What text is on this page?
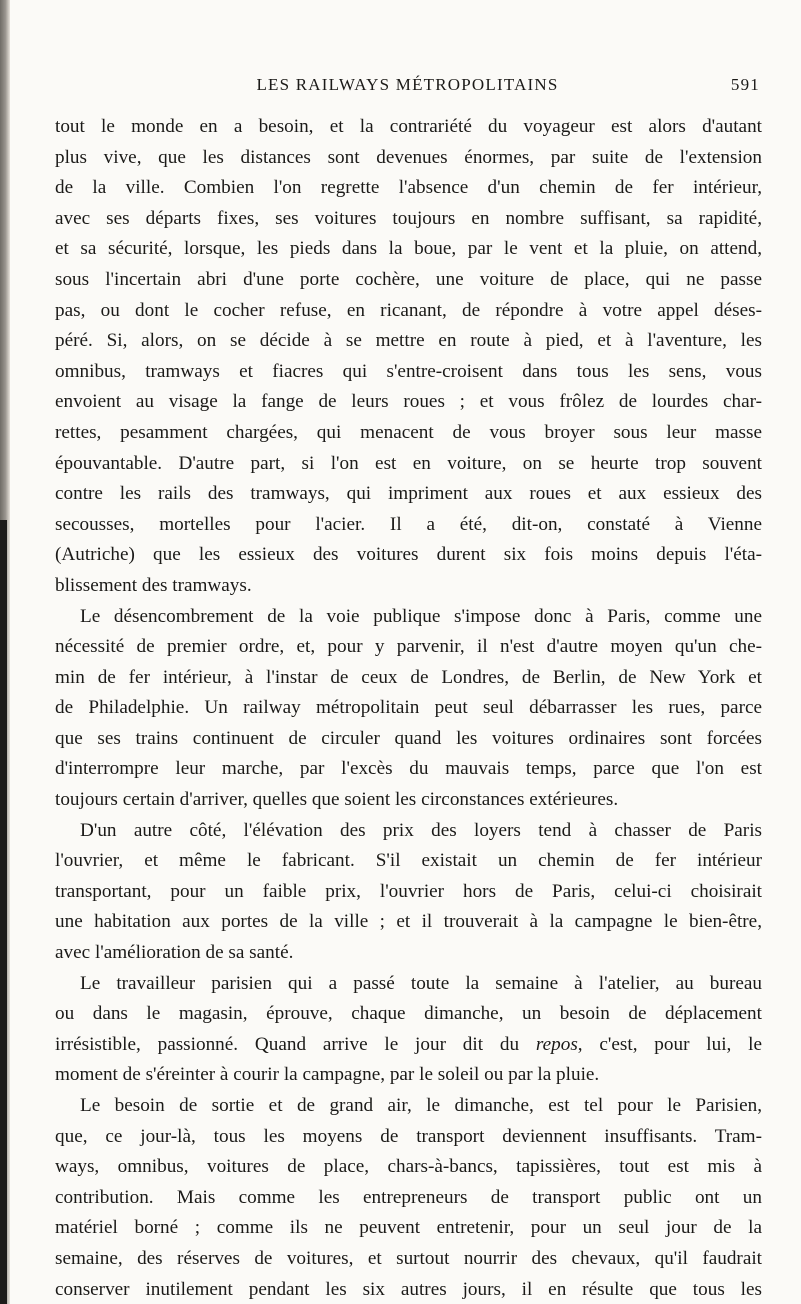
LES RAILWAYS MÉTROPOLITAINS	591
tout le monde en a besoin, et la contrariété du voyageur est alors d'autant
plus vive, que les distances sont devenues énormes, par suite de l'extension
de la ville. Combien l'on regrette l'absence d'un chemin de fer intérieur,
avec ses départs fixes, ses voitures toujours en nombre suffisant, sa rapidité,
et sa sécurité, lorsque, les pieds dans la boue, par le vent et la pluie, on attend,
sous l'incertain abri d'une porte cochère, une voiture de place, qui ne passe
pas, ou dont le cocher refuse, en ricanant, de répondre à votre appel déses-
péré. Si, alors, on se décide à se mettre en route à pied, et à l'aventure, les
omnibus, tramways et fiacres qui s'entre-croisent dans tous les sens, vous
envoient au visage la fange de leurs roues ; et vous frôlez de lourdes char-
rettes, pesamment chargées, qui menacent de vous broyer sous leur masse
épouvantable. D'autre part, si l'on est en voiture, on se heurte trop souvent
contre les rails des tramways, qui impriment aux roues et aux essieux des
secousses, mortelles pour l'acier. Il a été, dit-on, constaté à Vienne
(Autriche) que les essieux des voitures durent six fois moins depuis l'éta-
blissement des tramways.
Le désencombrement de la voie publique s'impose donc à Paris, comme une
nécessité de premier ordre, et, pour y parvenir, il n'est d'autre moyen qu'un che-
min de fer intérieur, à l'instar de ceux de Londres, de Berlin, de New York et
de Philadelphie. Un railway métropolitain peut seul débarrasser les rues, parce
que ses trains continuent de circuler quand les voitures ordinaires sont forcées
d'interrompre leur marche, par l'excès du mauvais temps, parce que l'on est
toujours certain d'arriver, quelles que soient les circonstances extérieures.
D'un autre côté, l'élévation des prix des loyers tend à chasser de Paris
l'ouvrier, et même le fabricant. S'il existait un chemin de fer intérieur
transportant, pour un faible prix, l'ouvrier hors de Paris, celui-ci choisirait
une habitation aux portes de la ville ; et il trouverait à la campagne le bien-être,
avec l'amélioration de sa santé.
Le travailleur parisien qui a passé toute la semaine à l'atelier, au bureau
ou dans le magasin, éprouve, chaque dimanche, un besoin de déplacement
irrésistible, passionné. Quand arrive le jour dit du repos, c'est, pour lui, le
moment de s'éreinter à courir la campagne, par le soleil ou par la pluie.
Le besoin de sortie et de grand air, le dimanche, est tel pour le Parisien,
que, ce jour-là, tous les moyens de transport deviennent insuffisants. Tram-
ways, omnibus, voitures de place, chars-à-bancs, tapissières, tout est mis à
contribution. Mais comme les entrepreneurs de transport public ont un
matériel borné ; comme ils ne peuvent entretenir, pour un seul jour de la
semaine, des réserves de voitures, et surtout nourrir des chevaux, qu'il faudrait
conserver inutilement pendant les six autres jours, il en résulte que tous les
